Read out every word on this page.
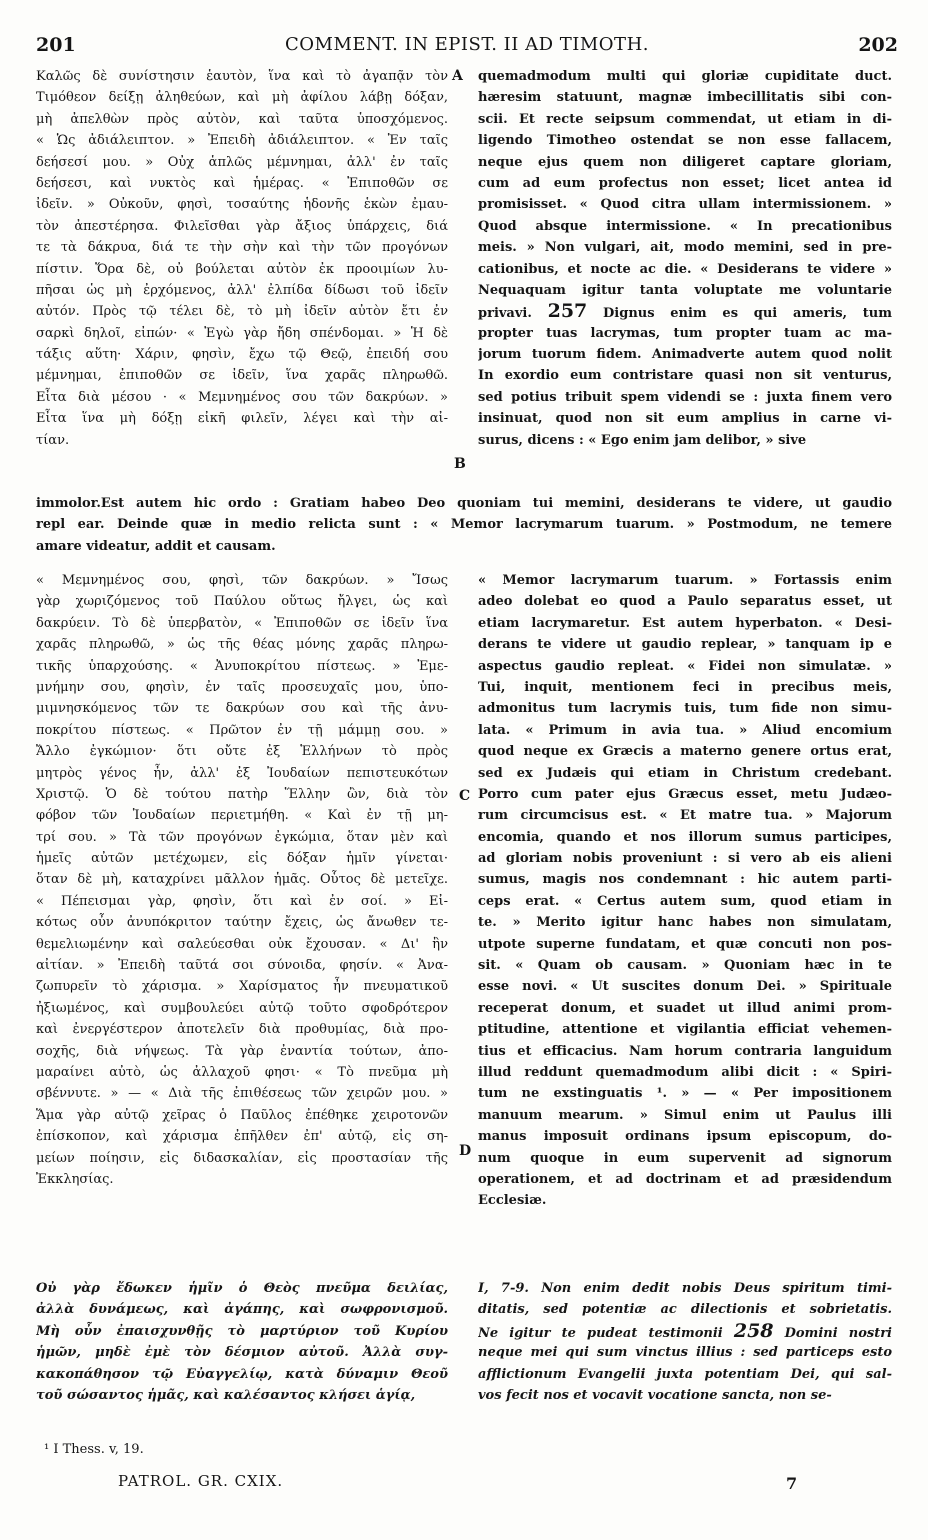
201	COMMENT. IN EPIST. II AD TIMOTH.	202
Καλῶς δὲ συνίστησιν ἑαυτὸν, ἵνα καὶ τὸ ἀγαπᾷν τὸν
Τιμόθεον δείξῃ ἀληθεύων, καὶ μὴ ἀφίλου λάβῃ δόξαν,
μὴ ἀπελθὼν πρὸς αὐτὸν, καὶ ταῦτα ὑποσχόμενος.
« Ὡς ἀδιάλειπτον. » Ἐπειδὴ ἀδιάλειπτον. « Ἐν ταῖς
δεήσεσί μου. » Οὐχ ἁπλῶς μέμνημαι, ἀλλ' ἐν ταῖς
δεήσεσι, καὶ νυκτὸς καὶ ἡμέρας. « Ἐπιποθῶν σε
ἰδεῖν. » Οὐκοῦν, φησὶ, τοσαύτης ἡδονῆς ἑκὼν ἐμαυ-
τὸν ἀπεστέρησα. Φιλεῖσθαι γὰρ ἄξιος ὑπάρχεις, διά
τε τὰ δάκρυα, διά τε τὴν σὴν καὶ τὴν τῶν προγόνων
πίστιν. Ὅρα δὲ, οὐ βούλεται αὐτὸν ἐκ προοιμίων λυ-
πῆσαι ὡς μὴ ἐρχόμενος, ἀλλ' ἐλπίδα δίδωσι τοῦ ἰδεῖν
αὐτόν. Πρὸς τῷ τέλει δὲ, τὸ μὴ ἰδεῖν αὐτὸν ἔτι ἐν
σαρκὶ δηλοῖ, εἰπών· « Ἐγὼ γὰρ ἤδη σπένδομαι. » Ἡ δὲ
τάξις αὕτη· Χάριν, φησὶν, ἔχω τῷ Θεῷ, ἐπειδή σου
μέμνημαι, ἐπιποθῶν σε ἰδεῖν, ἵνα χαρᾶς πληρωθῶ.
Εἶτα διὰ μέσου · « Μεμνημένος σου τῶν δακρύων. »
Εἶτα ἵνα μὴ δόξῃ εἰκῆ φιλεῖν, λέγει καὶ τὴν αἰ-
τίαν.
quemadmodum multi qui gloriæ cupiditate duct.
hæresim statuunt, magnæ imbecillitatis sibi con-
scii. Et recte seipsum commendat, ut etiam in di-
ligendo Timotheo ostendat se non esse fallacem,
neque ejus quem non diligeret captare gloriam,
cum ad eum profectus non esset; licet antea id
promisisset. « Quod citra ullam intermissionem. »
Quod absque intermissione. « In precationibus
meis. » Non vulgari, ait, modo memini, sed in pre-
cationibus, et nocte ac die. « Desiderans te videre »
Nequaquam igitur tanta voluptate me voluntarie
privavi. 257 Dignus enim es qui ameris, tum
propter tuas lacrymas, tum propter tuam ac ma-
jorum tuorum fidem. Animadverte autem quod nolit
In exordio eum contristare quasi non sit venturus,
sed potius tribuit spem videndi se : juxta finem vero
insinuat, quod non sit eum amplius in carne vi-
surus, dicens : « Ego enim jam delibor, » sive
immolor.Est autem hic ordo : Gratiam habeo Deo quoniam tui memini, desiderans te videre, ut gaudio
repl ear. Deinde quæ in medio relicta sunt : « Memor lacrymarum tuarum. » Postmodum, ne temere
amare videatur, addit et causam.
« Μεμνημένος σου, φησὶ, τῶν δακρύων. » Ἴσως
γὰρ χωριζόμενος τοῦ Παύλου οὕτως ἤλγει, ὡς καὶ
δακρύειν. Τὸ δὲ ὑπερβατὸν, « Ἐπιποθῶν σε ἰδεῖν ἵνα
χαρᾶς πληρωθῶ, » ὡς τῆς θέας μόνης χαρᾶς πληρω-
τικῆς ὑπαρχούσης. « Ἀνυποκρίτου πίστεως. » Ἐμε-
μνήμην σου, φησὶν, ἐν ταῖς προσευχαῖς μου, ὑπο-
μιμνησκόμενος τῶν τε δακρύων σου καὶ τῆς ἀνυ-
ποκρίτου πίστεως. « Πρῶτον ἐν τῇ μάμμῃ σου. »
Ἄλλο ἐγκώμιον· ὅτι οὔτε ἐξ Ἑλλήνων τὸ πρὸς
μητρὸς γένος ἦν, ἀλλ' ἐξ Ἰουδαίων πεπιστευκότων
Χριστῷ. Ὁ δὲ τούτου πατὴρ Ἕλλην ὢν, διὰ τὸν
φόβον τῶν Ἰουδαίων περιετμήθη. « Καὶ ἐν τῇ μη-
τρί σου. » Τὰ τῶν προγόνων ἐγκώμια, ὅταν μὲν καὶ
ἡμεῖς αὐτῶν μετέχωμεν, εἰς δόξαν ἡμῖν γίνεται·
ὅταν δὲ μὴ, καταχρίνει μᾶλλον ἡμᾶς. Οὗτος δὲ μετεῖχε.
« Πέπεισμαι γὰρ, φησὶν, ὅτι καὶ ἐν σοί. » Εἰ-
κότως οὖν ἀνυπόκριτον ταύτην ἔχεις, ὡς ἄνωθεν τε-
θεμελιωμένην καὶ σαλεύεσθαι οὐκ ἔχουσαν. « Δι' ἣν
αἰτίαν. » Ἐπειδὴ ταῦτά σοι σύνοιδα, φησίν. « Ἀνα-
ζωπυρεῖν τὸ χάρισμα. » Χαρίσματος ἦν πνευματικοῦ
ἠξιωμένος, καὶ συμβουλεύει αὐτῷ τοῦτο σφοδρότερον
καὶ ἐνεργέστερον ἀποτελεῖν διὰ προθυμίας, διὰ προ-
σοχῆς, διὰ νήψεως. Τὰ γὰρ ἐναντία τούτων, ἀπο-
μαραίνει αὐτὸ, ὡς ἀλλαχοῦ φησι· « Τὸ πνεῦμα μὴ
σβέννυτε. » — « Διὰ τῆς ἐπιθέσεως τῶν χειρῶν μου. »
Ἅμα γὰρ αὐτῷ χεῖρας ὁ Παῦλος ἐπέθηκε χειροτονῶν
ἐπίσκοπον, καὶ χάρισμα ἐπῆλθεν ἐπ' αὐτῷ, εἰς ση-
μείων ποίησιν, εἰς διδασκαλίαν, εἰς προστασίαν τῆς
Ἐκκλησίας.
« Memor lacrymarum tuarum. » Fortassis enim
adeo dolebat eo quod a Paulo separatus esset, ut
etiam lacrymaretur. Est autem hyperbaton. « Desi-
derans te videre ut gaudio replear, » tanquam ip e
aspectus gaudio repleat. « Fidei non simulatæ. »
Tui, inquit, mentionem feci in precibus meis,
admonitus tum lacrymis tuis, tum fide non simu-
lata. « Primum in avia tua. » Aliud encomium
quod neque ex Græcis a materno genere ortus erat,
sed ex Judæis qui etiam in Christum credebant.
Porro cum pater ejus Græcus esset, metu Judæo-
rum circumcisus est. « Et matre tua. » Majorum
encomia, quando et nos illorum sumus participes,
ad gloriam nobis proveniunt : si vero ab eis alieni
sumus, magis nos condemnant : hic autem parti-
ceps erat. « Certus autem sum, quod etiam in
te. » Merito igitur hanc habes non simulatam,
utpote superne fundatam, et quæ concuti non pos-
sit. « Quam ob causam. » Quoniam hæc in te
esse novi. « Ut suscites donum Dei. » Spirituale
receperat donum, et suadet ut illud animi prom-
ptitudine, attentione et vigilantia efficiat vehemen-
tius et efficacius. Nam horum contraria languidum
illud reddunt quemadmodum alibi dicit : « Spiri-
tum ne exstinguatis ¹. » — « Per impositionem
manuum mearum. » Simul enim ut Paulus illi
manus imposuit ordinans ipsum episcopum, do-
num quoque in eum supervenit ad signorum
operationem, et ad doctrinam et ad præsidendum
Ecclesiæ.
Οὐ γὰρ ἔδωκεν ἡμῖν ὁ Θεὸς πνεῦμα δειλίας,
ἀλλὰ δυνάμεως, καὶ ἀγάπης, καὶ σωφρονισμοῦ.
Μὴ οὖν ἐπαισχυνθῇς τὸ μαρτύριον τοῦ Κυρίου
ἡμῶν, μηδὲ ἐμὲ τὸν δέσμιον αὐτοῦ. Ἀλλὰ συγ-
κακοπάθησον τῷ Εὐαγγελίῳ, κατὰ δύναμιν Θεοῦ
τοῦ σώσαντος ἡμᾶς, καὶ καλέσαντος κλήσει ἁγίᾳ,
I, 7-9. Non enim dedit nobis Deus spiritum timi-
ditatis, sed potentiæ ac dilectionis et sobrietatis.
Ne igitur te pudeat testimonii 258 Domini nostri
neque mei qui sum vinctus illius : sed particeps esto
afflictionum Evangelii juxta potentiam Dei, qui sal-
vos fecit nos et vocavit vocatione sancta, non se-
A
B
C
D
¹ I Thess. v, 19.
PATROL. GR. CXIX.	7
